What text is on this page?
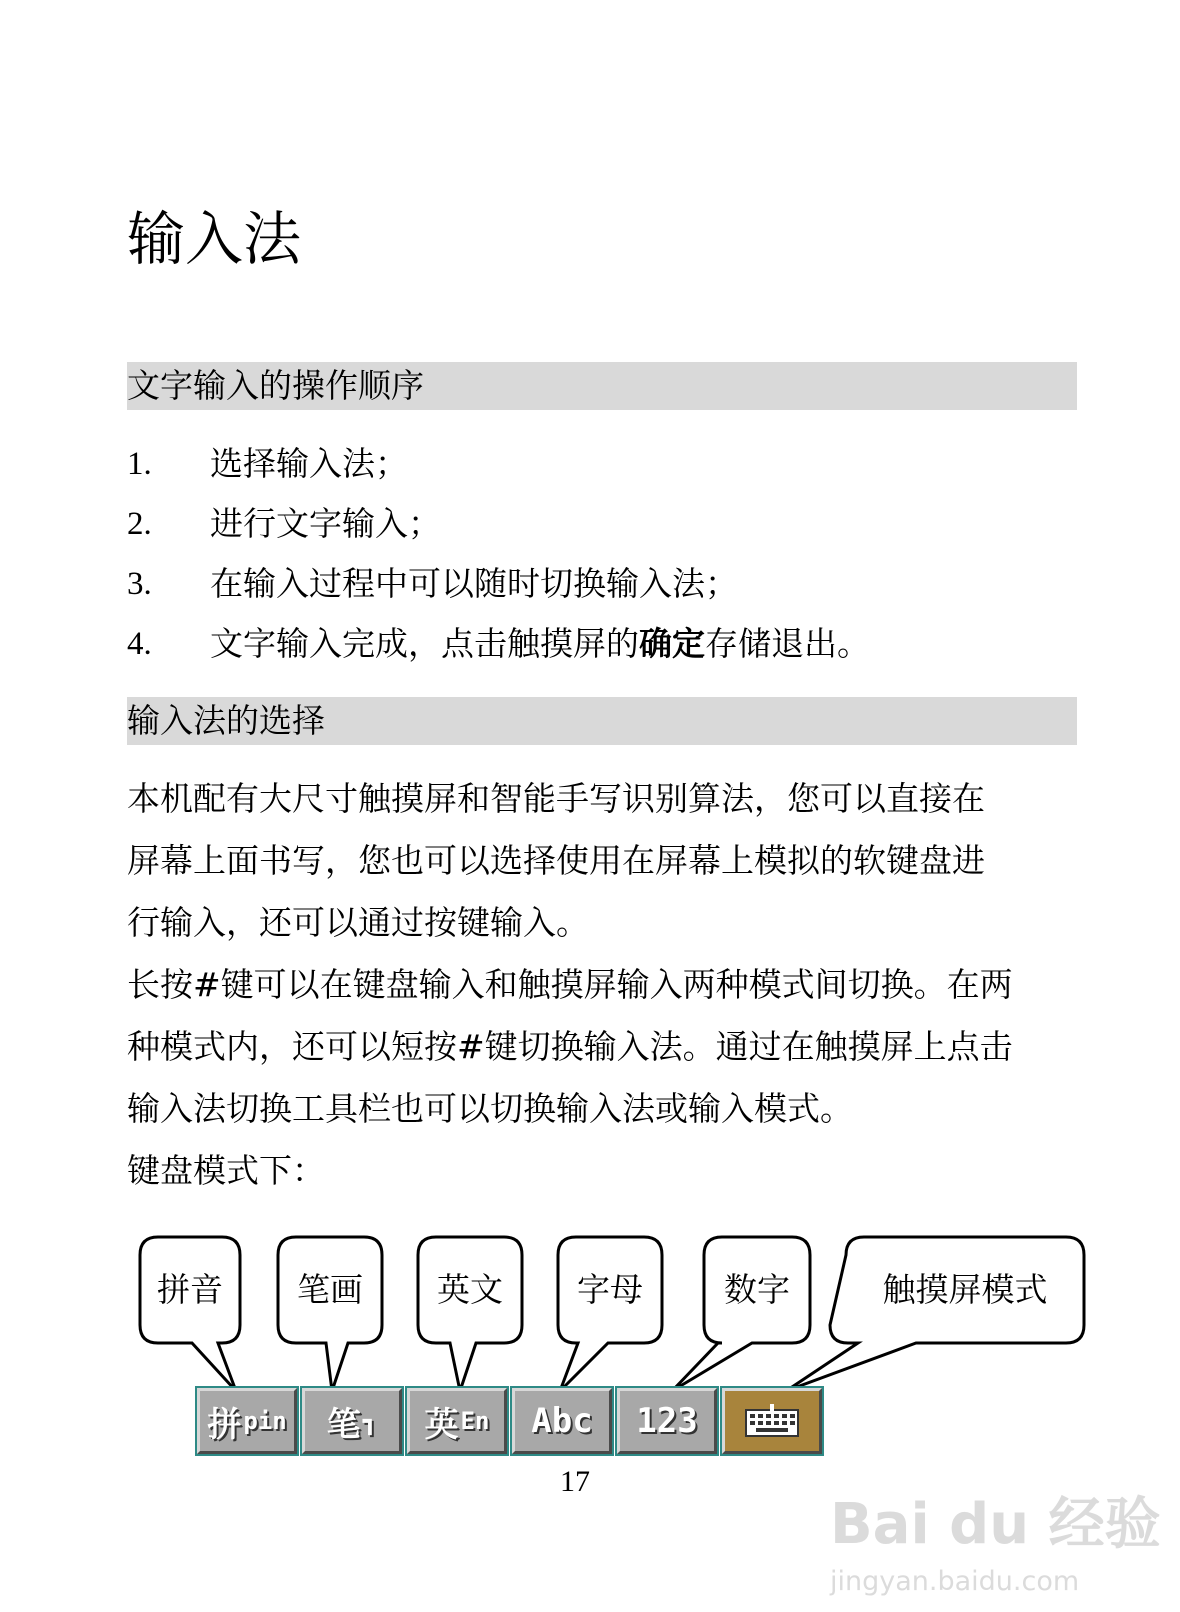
输入法
文字输入的操作顺序
1. 选择输入法；
2. 进行文字输入；
3. 在输入过程中可以随时切换输入法；
4. 文字输入完成，点击触摸屏的确定存储退出。
输入法的选择
本机配有大尺寸触摸屏和智能手写识别算法，您可以直接在
屏幕上面书写，您也可以选择使用在屏幕上模拟的软键盘进
行输入，还可以通过按键输入。
长按#键可以在键盘输入和触摸屏输入两种模式间切换。在两
种模式内，还可以短按#键切换输入法。通过在触摸屏上点击
输入法切换工具栏也可以切换输入法或输入模式。
键盘模式下：
拼音	笔画	英文	字母	数字	触摸屏模式
拼 pin 笔 ┓ 英 En Abc 123
17
Bai du 经验
jingyan.baidu.com
